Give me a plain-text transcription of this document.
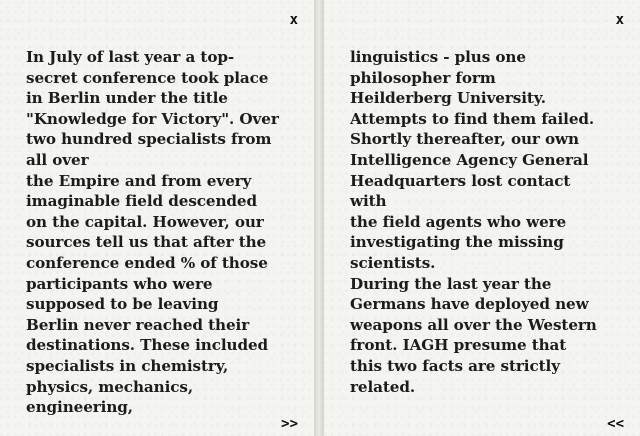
x
In July of last year a top-
secret conference took place
in Berlin under the title
"Knowledge for Victory". Over
two hundred specialists from
all over
the Empire and from every
imaginable field descended
on the capital. However, our
sources tell us that after the
conference ended % of those
participants who were
supposed to be leaving
Berlin never reached their
destinations. These included
specialists in chemistry,
physics, mechanics,
engineering,
>>
x
linguistics - plus one
philosopher form
Heilderberg University.
Attempts to find them failed.
Shortly thereafter, our own
Intelligence Agency General
Headquarters lost contact
with
the field agents who were
investigating the missing
scientists.
During the last year the
Germans have deployed new
weapons all over the Western
front. IAGH presume that
this two facts are strictly
related.
<<
